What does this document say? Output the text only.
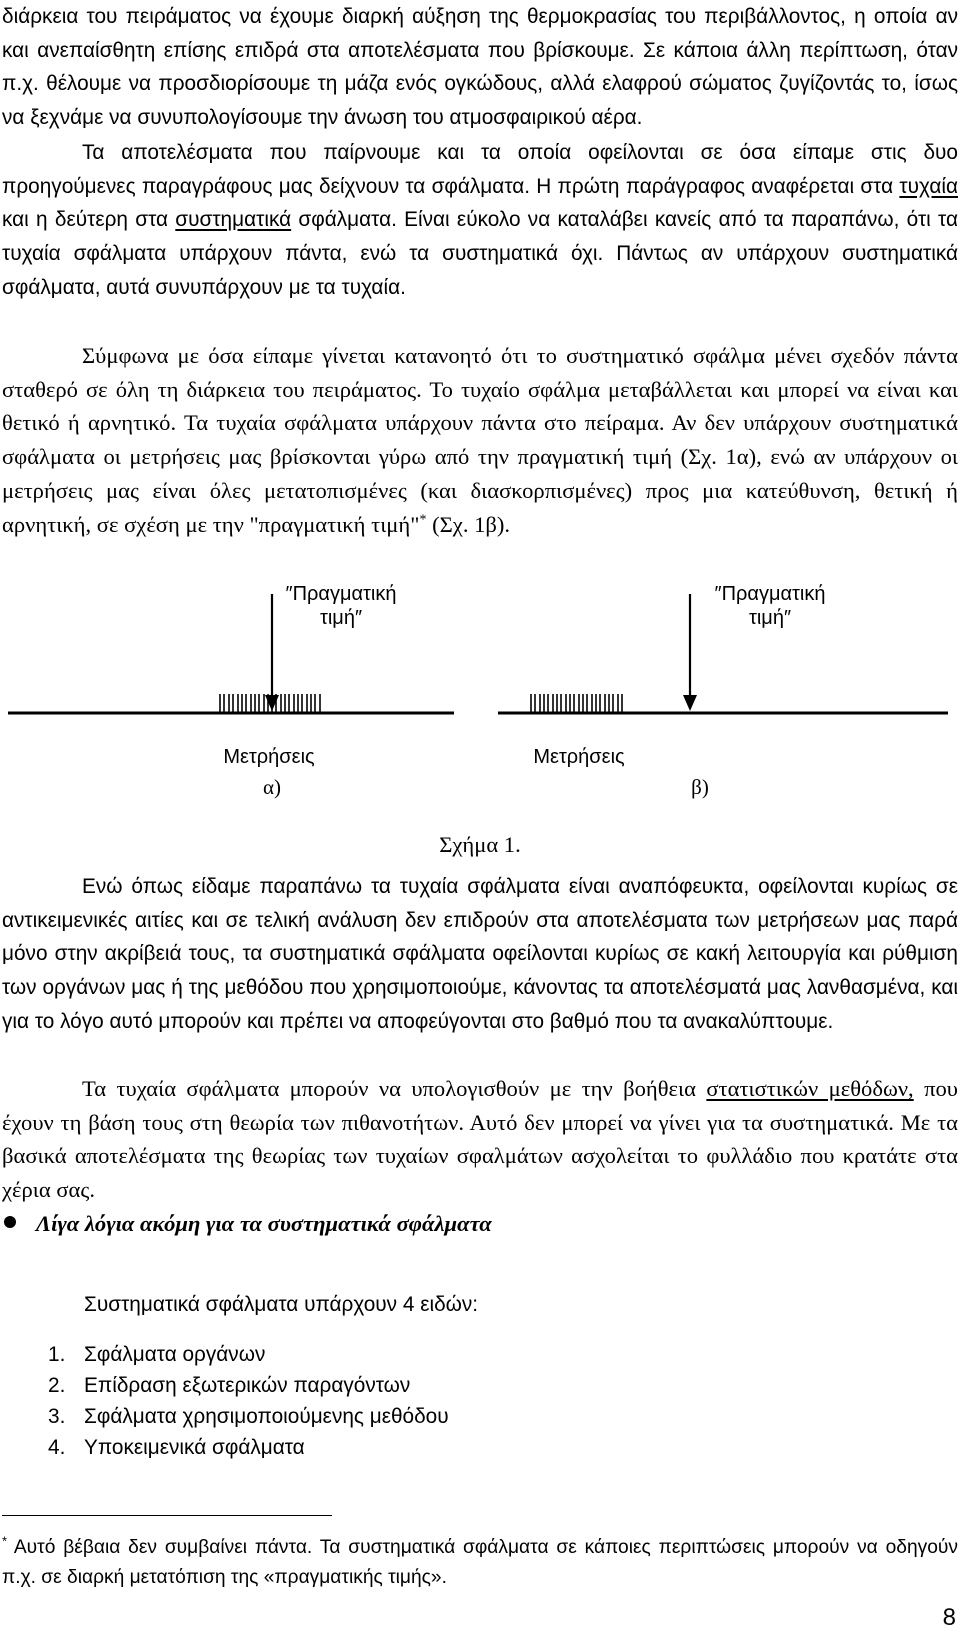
διάρκεια του πειράματος να έχουμε διαρκή αύξηση της θερμοκρασίας του περιβάλλοντος, η οποία αν και ανεπαίσθητη επίσης επιδρά στα αποτελέσματα που βρίσκουμε. Σε κάποια άλλη περίπτωση, όταν π.χ. θέλουμε να προσδιορίσουμε τη μάζα ενός ογκώδους, αλλά ελαφρού σώματος ζυγίζοντάς το, ίσως να ξεχνάμε να συνυπολογίσουμε την άνωση του ατμοσφαιρικού αέρα.

Τα αποτελέσματα που παίρνουμε και τα οποία οφείλονται σε όσα είπαμε στις δυο προηγούμενες παραγράφους μας δείχνουν τα σφάλματα. Η πρώτη παράγραφος αναφέρεται στα τυχαία και η δεύτερη στα συστηματικά σφάλματα. Είναι εύκολο να καταλάβει κανείς από τα παραπάνω, ότι τα τυχαία σφάλματα υπάρχουν πάντα, ενώ τα συστηματικά όχι. Πάντως αν υπάρχουν συστηματικά σφάλματα, αυτά συνυπάρχουν με τα τυχαία.

Σύμφωνα με όσα είπαμε γίνεται κατανοητό ότι το συστηματικό σφάλμα μένει σχεδόν πάντα σταθερό σε όλη τη διάρκεια του πειράματος. Το τυχαίο σφάλμα μεταβάλλεται και μπορεί να είναι και θετικό ή αρνητικό. Τα τυχαία σφάλματα υπάρχουν πάντα στο πείραμα. Αν δεν υπάρχουν συστηματικά σφάλματα οι μετρήσεις μας βρίσκονται γύρω από την πραγματική τιμή (Σχ. 1α), ενώ αν υπάρχουν οι μετρήσεις μας είναι όλες μετατοπισμένες (και διασκορπισμένες) προς μια κατεύθυνση, θετική ή αρνητική, σε σχέση με την "πραγματική τιμή"* (Σχ. 1β).

″Πραγματική
τιμή″
Μετρήσεις
α)
″Πραγματική
τιμή″
Μετρήσεις
β)
Σχήμα 1.

Ενώ όπως είδαμε παραπάνω τα τυχαία σφάλματα είναι αναπόφευκτα, οφείλονται κυρίως σε αντικειμενικές αιτίες και σε τελική ανάλυση δεν επιδρούν στα αποτελέσματα των μετρήσεων μας παρά μόνο στην ακρίβειά τους, τα συστηματικά σφάλματα οφείλονται κυρίως σε κακή λειτουργία και ρύθμιση των οργάνων μας ή της μεθόδου που χρησιμοποιούμε, κάνοντας τα αποτελέσματά μας λανθασμένα, και για το λόγο αυτό μπορούν και πρέπει να αποφεύγονται στο βαθμό που τα ανακαλύπτουμε.

Τα τυχαία σφάλματα μπορούν να υπολογισθούν με την βοήθεια στατιστικών μεθόδων, που έχουν τη βάση τους στη θεωρία των πιθανοτήτων. Αυτό δεν μπορεί να γίνει για τα συστηματικά. Με τα βασικά αποτελέσματα της θεωρίας των τυχαίων σφαλμάτων ασχολείται το φυλλάδιο που κρατάτε στα χέρια σας.

Λίγα λόγια ακόμη για τα συστηματικά σφάλματα
Συστηματικά σφάλματα υπάρχουν 4 ειδών:
1. Σφάλματα οργάνων
2. Επίδραση εξωτερικών παραγόντων
3. Σφάλματα χρησιμοποιούμενης μεθόδου
4. Υποκειμενικά σφάλματα
* Αυτό βέβαια δεν συμβαίνει πάντα. Τα συστηματικά σφάλματα σε κάποιες περιπτώσεις μπορούν να οδηγούν π.χ. σε διαρκή μετατόπιση της «πραγματικής τιμής».
8
